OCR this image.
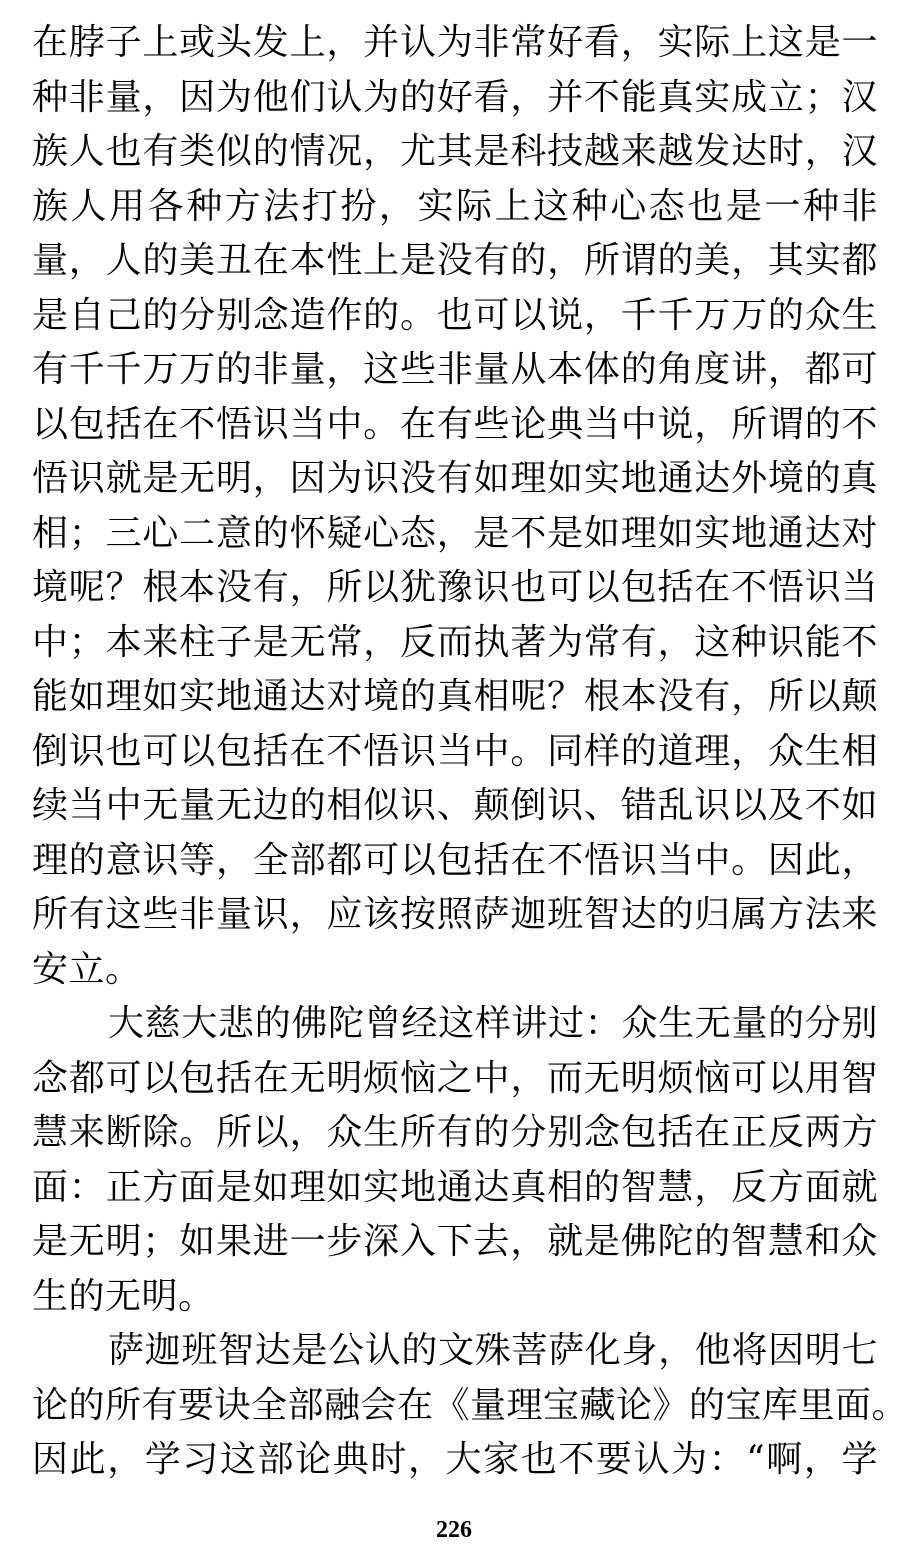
在脖子上或头发上，并认为非常好看，实际上这是一
种非量，因为他们认为的好看，并不能真实成立；汉
族人也有类似的情况，尤其是科技越来越发达时，汉
族人用各种方法打扮，实际上这种心态也是一种非
量，人的美丑在本性上是没有的，所谓的美，其实都
是自己的分别念造作的。也可以说，千千万万的众生
有千千万万的非量，这些非量从本体的角度讲，都可
以包括在不悟识当中。在有些论典当中说，所谓的不
悟识就是无明，因为识没有如理如实地通达外境的真
相；三心二意的怀疑心态，是不是如理如实地通达对
境呢？根本没有，所以犹豫识也可以包括在不悟识当
中；本来柱子是无常，反而执著为常有，这种识能不
能如理如实地通达对境的真相呢？根本没有，所以颠
倒识也可以包括在不悟识当中。同样的道理，众生相
续当中无量无边的相似识、颠倒识、错乱识以及不如
理的意识等，全部都可以包括在不悟识当中。因此，
所有这些非量识，应该按照萨迦班智达的归属方法来
安立。
大慈大悲的佛陀曾经这样讲过：众生无量的分别
念都可以包括在无明烦恼之中，而无明烦恼可以用智
慧来断除。所以，众生所有的分别念包括在正反两方
面：正方面是如理如实地通达真相的智慧，反方面就
是无明；如果进一步深入下去，就是佛陀的智慧和众
生的无明。
萨迦班智达是公认的文殊菩萨化身，他将因明七
论的所有要诀全部融会在《量理宝藏论》的宝库里面。
因此，学习这部论典时，大家也不要认为：“啊，学
226
